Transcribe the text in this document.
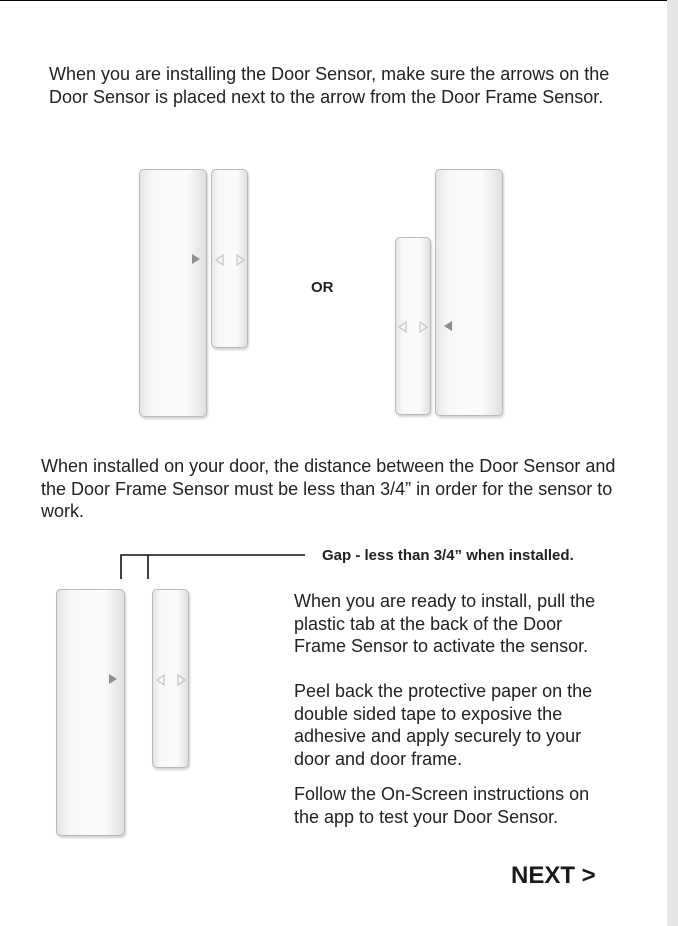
When you are installing the Door Sensor, make sure the arrows on the Door Sensor is placed next to the arrow from the Door Frame Sensor.
OR
When installed on your door, the distance between the Door Sensor and the Door Frame Sensor must be less than 3/4” in order for the sensor to work.
Gap - less than 3/4” when installed.
When you are ready to install, pull the plastic tab at the back of the Door Frame Sensor to activate the sensor.
Peel back the protective paper on the double sided tape to exposive the adhesive and apply securely to your door and door frame.
Follow the On-Screen instructions on the app to test your Door Sensor.
NEXT >
